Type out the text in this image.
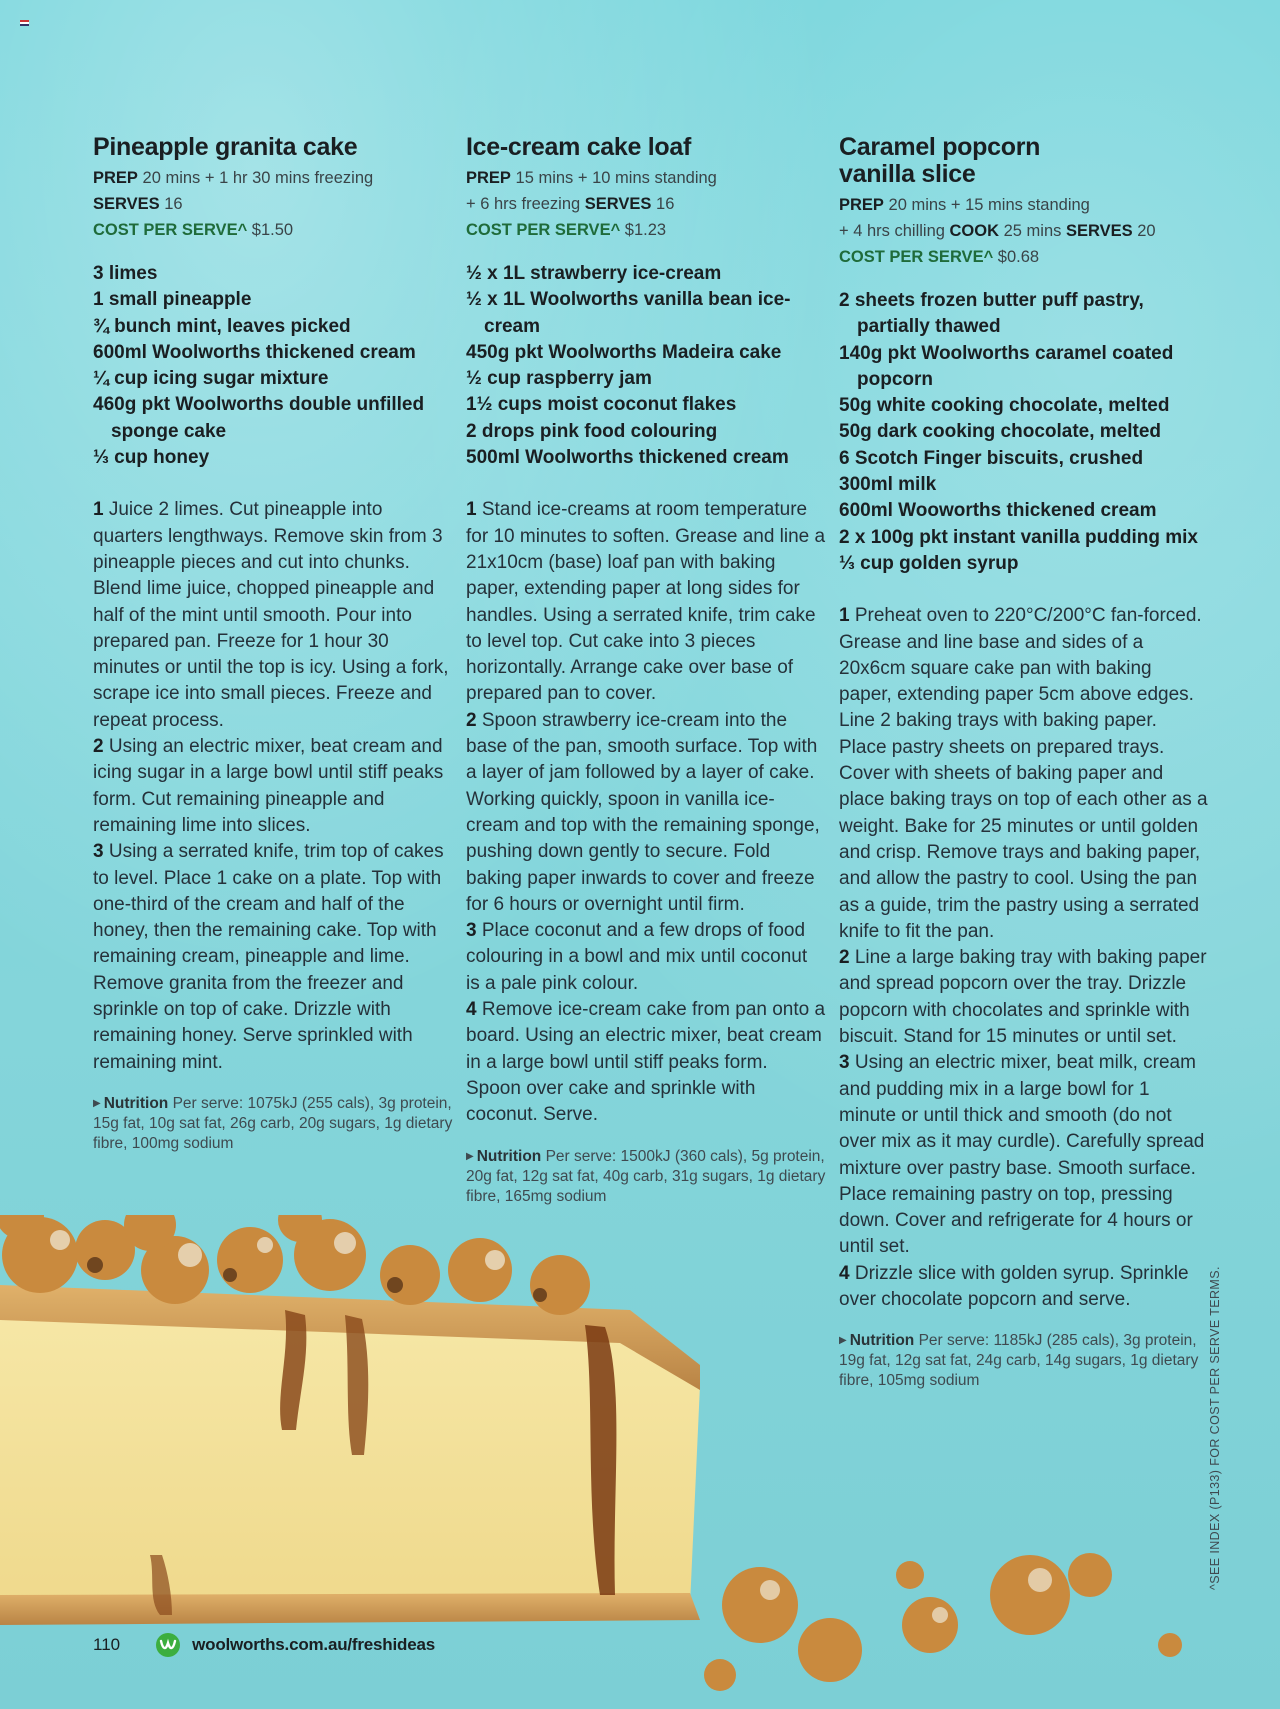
Pineapple granita cake
PREP 20 mins + 1 hr 30 mins freezing
SERVES 16
COST PER SERVE^ $1.50
3 limes
1 small pineapple
¾ bunch mint, leaves picked
600ml Woolworths thickened cream
¼ cup icing sugar mixture
460g pkt Woolworths double unfilled sponge cake
⅓ cup honey

1 Juice 2 limes. Cut pineapple into quarters lengthways. Remove skin from 3 pineapple pieces and cut into chunks. Blend lime juice, chopped pineapple and half of the mint until smooth. Pour into prepared pan. Freeze for 1 hour 30 minutes or until the top is icy. Using a fork, scrape ice into small pieces. Freeze and repeat process.

2 Using an electric mixer, beat cream and icing sugar in a large bowl until stiff peaks form. Cut remaining pineapple and remaining lime into slices.

3 Using a serrated knife, trim top of cakes to level. Place 1 cake on a plate. Top with one-third of the cream and half of the honey, then the remaining cake. Top with remaining cream, pineapple and lime. Remove granita from the freezer and sprinkle on top of cake. Drizzle with remaining honey. Serve sprinkled with remaining mint.

▶ Nutrition Per serve: 1075kJ (255 cals), 3g protein, 15g fat, 10g sat fat, 26g carb, 20g sugars, 1g dietary fibre, 100mg sodium
Ice-cream cake loaf
PREP 15 mins + 10 mins standing
+ 6 hrs freezing SERVES 16
COST PER SERVE^ $1.23
½ x 1L strawberry ice-cream
½ x 1L Woolworths vanilla bean ice-cream
450g pkt Woolworths Madeira cake
½ cup raspberry jam
1½ cups moist coconut flakes
2 drops pink food colouring
500ml Woolworths thickened cream

1 Stand ice-creams at room temperature for 10 minutes to soften. Grease and line a 21x10cm (base) loaf pan with baking paper, extending paper at long sides for handles. Using a serrated knife, trim cake to level top. Cut cake into 3 pieces horizontally. Arrange cake over base of prepared pan to cover.

2 Spoon strawberry ice-cream into the base of the pan, smooth surface. Top with a layer of jam followed by a layer of cake. Working quickly, spoon in vanilla ice-cream and top with the remaining sponge, pushing down gently to secure. Fold baking paper inwards to cover and freeze for 6 hours or overnight until firm.

3 Place coconut and a few drops of food colouring in a bowl and mix until coconut is a pale pink colour.

4 Remove ice-cream cake from pan onto a board. Using an electric mixer, beat cream in a large bowl until stiff peaks form. Spoon over cake and sprinkle with coconut. Serve.

▶ Nutrition Per serve: 1500kJ (360 cals), 5g protein, 20g fat, 12g sat fat, 40g carb, 31g sugars, 1g dietary fibre, 165mg sodium
Caramel popcorn vanilla slice
PREP 20 mins + 15 mins standing
+ 4 hrs chilling COOK 25 mins SERVES 20
COST PER SERVE^ $0.68
2 sheets frozen butter puff pastry, partially thawed
140g pkt Woolworths caramel coated popcorn
50g white cooking chocolate, melted
50g dark cooking chocolate, melted
6 Scotch Finger biscuits, crushed
300ml milk
600ml Wooworths thickened cream
2 x 100g pkt instant vanilla pudding mix
⅓ cup golden syrup

1 Preheat oven to 220°C/200°C fan-forced. Grease and line base and sides of a 20x6cm square cake pan with baking paper, extending paper 5cm above edges. Line 2 baking trays with baking paper. Place pastry sheets on prepared trays. Cover with sheets of baking paper and place baking trays on top of each other as a weight. Bake for 25 minutes or until golden and crisp. Remove trays and baking paper, and allow the pastry to cool. Using the pan as a guide, trim the pastry using a serrated knife to fit the pan.

2 Line a large baking tray with baking paper and spread popcorn over the tray. Drizzle popcorn with chocolates and sprinkle with biscuit. Stand for 15 minutes or until set.

3 Using an electric mixer, beat milk, cream and pudding mix in a large bowl for 1 minute or until thick and smooth (do not over mix as it may curdle). Carefully spread mixture over pastry base. Smooth surface. Place remaining pastry on top, pressing down. Cover and refrigerate for 4 hours or until set.

4 Drizzle slice with golden syrup. Sprinkle over chocolate popcorn and serve.

▶ Nutrition Per serve: 1185kJ (285 cals), 3g protein, 19g fat, 12g sat fat, 24g carb, 14g sugars, 1g dietary fibre, 105mg sodium	^SEE INDEX (P133) FOR COST PER SERVE TERMS.
110	woolworths.com.au/freshideas
